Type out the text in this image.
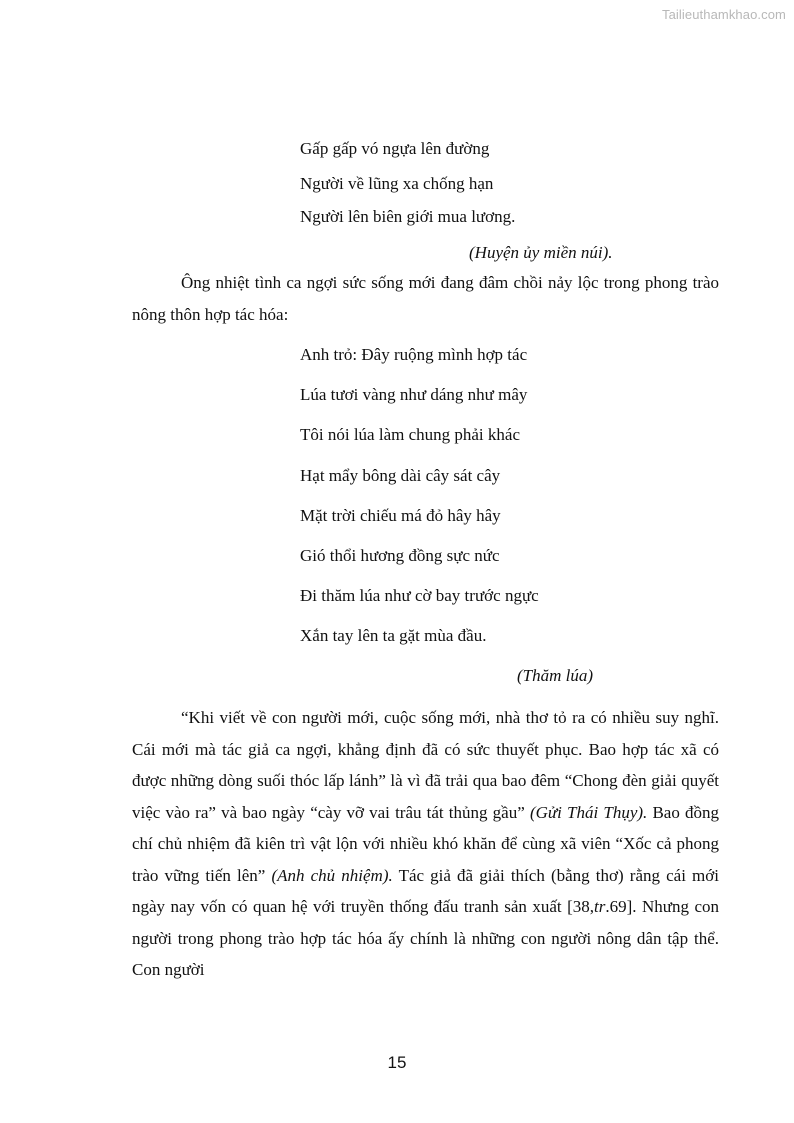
Tailieuthamkhao.com
Gấp gấp vó ngựa lên đường
Người về lũng xa chống hạn
Người lên biên giới mua lương.
(Huyện ủy miền núi).

Ông nhiệt tình ca ngợi sức sống mới đang đâm chồi nảy lộc trong phong trào nông thôn hợp tác hóa:

Anh trỏ: Đây ruộng mình hợp tác
Lúa tươi vàng như dáng như mây
Tôi nói lúa làm chung phải khác
Hạt mẩy bông dài cây sát cây
Mặt trời chiếu má đỏ hây hây
Gió thổi hương đồng sực nức
Đi thăm lúa như cờ bay trước ngực
Xắn tay lên ta gặt mùa đầu.
(Thăm lúa)

“Khi viết về con người mới, cuộc sống mới, nhà thơ tỏ ra có nhiều suy nghĩ. Cái mới mà tác giả ca ngợi, khẳng định đã có sức thuyết phục. Bao hợp tác xã có được những dòng suối thóc lấp lánh” là vì đã trải qua bao đêm “Chong đèn giải quyết việc vào ra” và bao ngày “cày vỡ vai trâu tát thủng gầu” (Gửi Thái Thụy). Bao đồng chí chủ nhiệm đã kiên trì vật lộn với nhiều khó khăn để cùng xã viên “Xốc cả phong trào vững tiến lên” (Anh chủ nhiệm). Tác giả đã giải thích (bằng thơ) rằng cái mới ngày nay vốn có quan hệ với truyền thống đấu tranh sản xuất [38,tr.69]. Nhưng con người trong phong trào hợp tác hóa ấy chính là những con người nông dân tập thể. Con người

15
